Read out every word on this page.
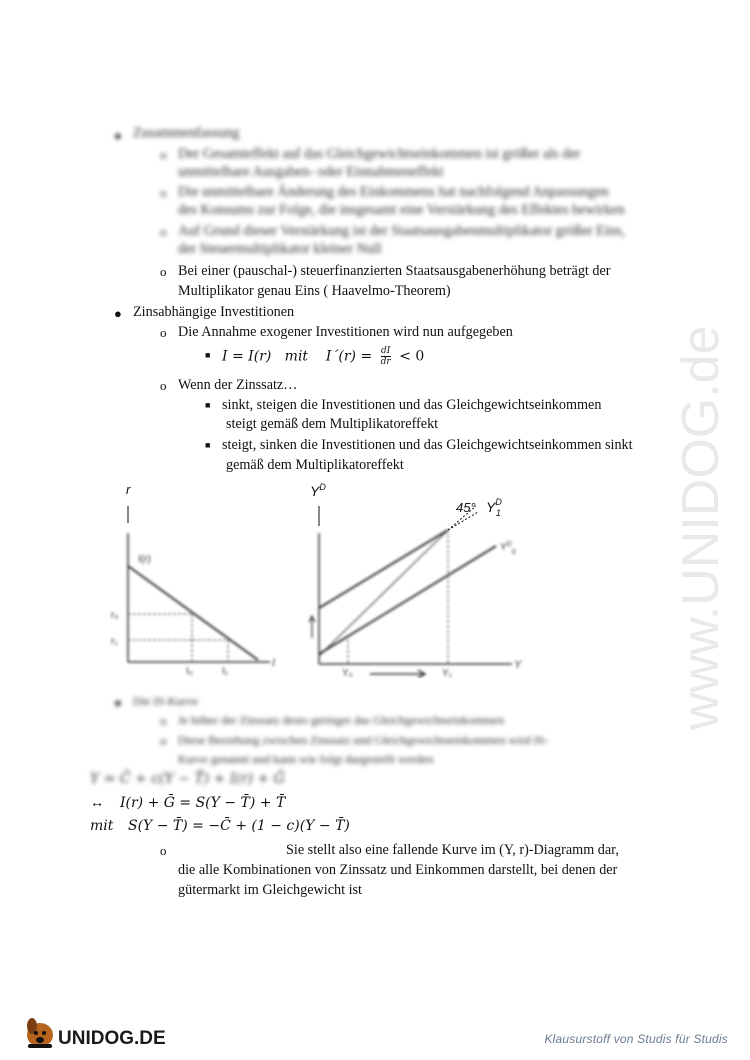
● Zusammenfassung
o Der Gesamteffekt auf das Gleichgewichtseinkommen ist größer als der
unmittelbare Ausgaben- oder Einnahmeneffekt
o Die unmittelbare Änderung des Einkommens hat nachfolgend Anpassungen
des Konsums zur Folge, die insgesamt eine Verstärkung des Effektes bewirken
o Auf Grund dieser Verstärkung ist der Staatsausgabenmultiplikator größer Eins,
der Steuermultiplikator kleiner Null
o Bei einer (pauschal-) steuerfinanzierten Staatsausgabenerhöhung beträgt der
Multiplikator genau Eins ( Haavelmo-Theorem)
● Zinsabhängige Investitionen
o Die Annahme exogener Investitionen wird nun aufgegeben
■ I = I(r) mit I´(r) = $\frac{dI}{dr} < 0$
o Wenn der Zinssatz…
■ sinkt, steigen die Investitionen und das Gleichgewichtseinkommen
steigt gemäß dem Multiplikatoreffekt
■ steigt, sinken die Investitionen und das Gleichgewichtseinkommen sinkt
gemäß dem Multiplikatoreffekt
r
I(r)
r₀
r₁
I₀	I₁
I
$Y^D$
45° $Y^D$ 1
$Y^D_0$
Y₀	Y₁
Y
● Die IS-Kurve
o Je höher der Zinssatz desto geringer das Gleichgewichtseinkommen
o Diese Beziehung zwischen Zinssatz und Gleichgewichtseinkommen wird IS-
Kurve genannt und kann wie folgt dargestellt werden
Y = C̄ + c(Y − T̄) + I(r) + Ḡ
↔ I(r) + Ḡ = S(Y − T̄) + T̄
mit S(Y − T̄) = −C̄ + (1 − c)(Y − T̄)
o	Sie stellt also eine fallende Kurve im (Y, r)-Diagramm dar,
die alle Kombinationen von Zinssatz und Einkommen darstellt, bei denen der
gütermarkt im Gleichgewicht ist
www.UNIDOG.de
UNIDOG.DE	Klausurstoff von Studis für Studis
